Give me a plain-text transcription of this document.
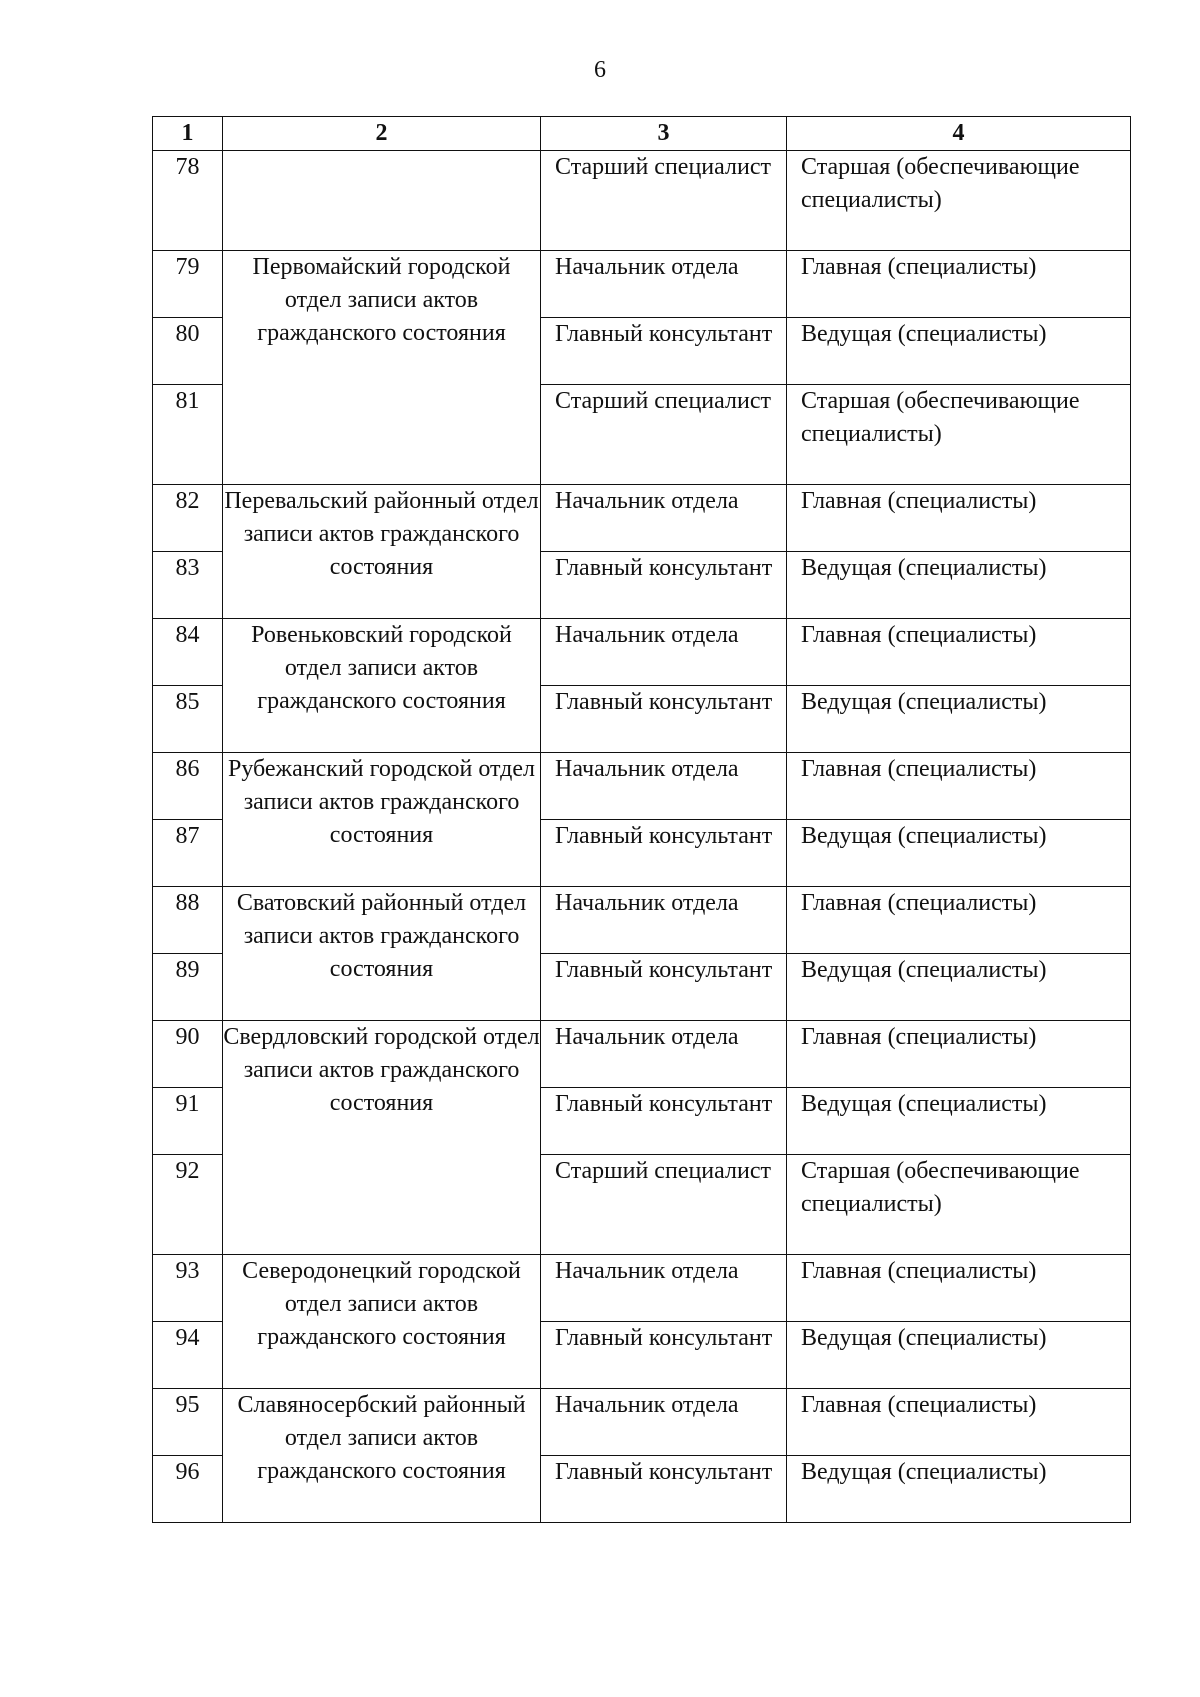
6
1	2	3	4
78		Старший специалист	Старшая (обеспечивающие специалисты)
79	Первомайский городской отдел записи актов гражданского состояния	Начальник отдела	Главная (специалисты)
80		Главный консультант	Ведущая (специалисты)
81		Старший специалист	Старшая (обеспечивающие специалисты)
82	Перевальский районный отдел записи актов гражданского состояния	Начальник отдела	Главная (специалисты)
83		Главный консультант	Ведущая (специалисты)
84	Ровеньковский городской отдел записи актов гражданского состояния	Начальник отдела	Главная (специалисты)
85		Главный консультант	Ведущая (специалисты)
86	Рубежанский городской отдел записи актов гражданского состояния	Начальник отдела	Главная (специалисты)
87		Главный консультант	Ведущая (специалисты)
88	Сватовский районный отдел записи актов гражданского состояния	Начальник отдела	Главная (специалисты)
89		Главный консультант	Ведущая (специалисты)
90	Свердловский городской отдел записи актов гражданского состояния	Начальник отдела	Главная (специалисты)
91		Главный консультант	Ведущая (специалисты)
92		Старший специалист	Старшая (обеспечивающие специалисты)
93	Северодонецкий городской отдел записи актов гражданского состояния	Начальник отдела	Главная (специалисты)
94		Главный консультант	Ведущая (специалисты)
95	Славяносербский районный отдел записи актов гражданского состояния	Начальник отдела	Главная (специалисты)
96		Главный консультант	Ведущая (специалисты)
